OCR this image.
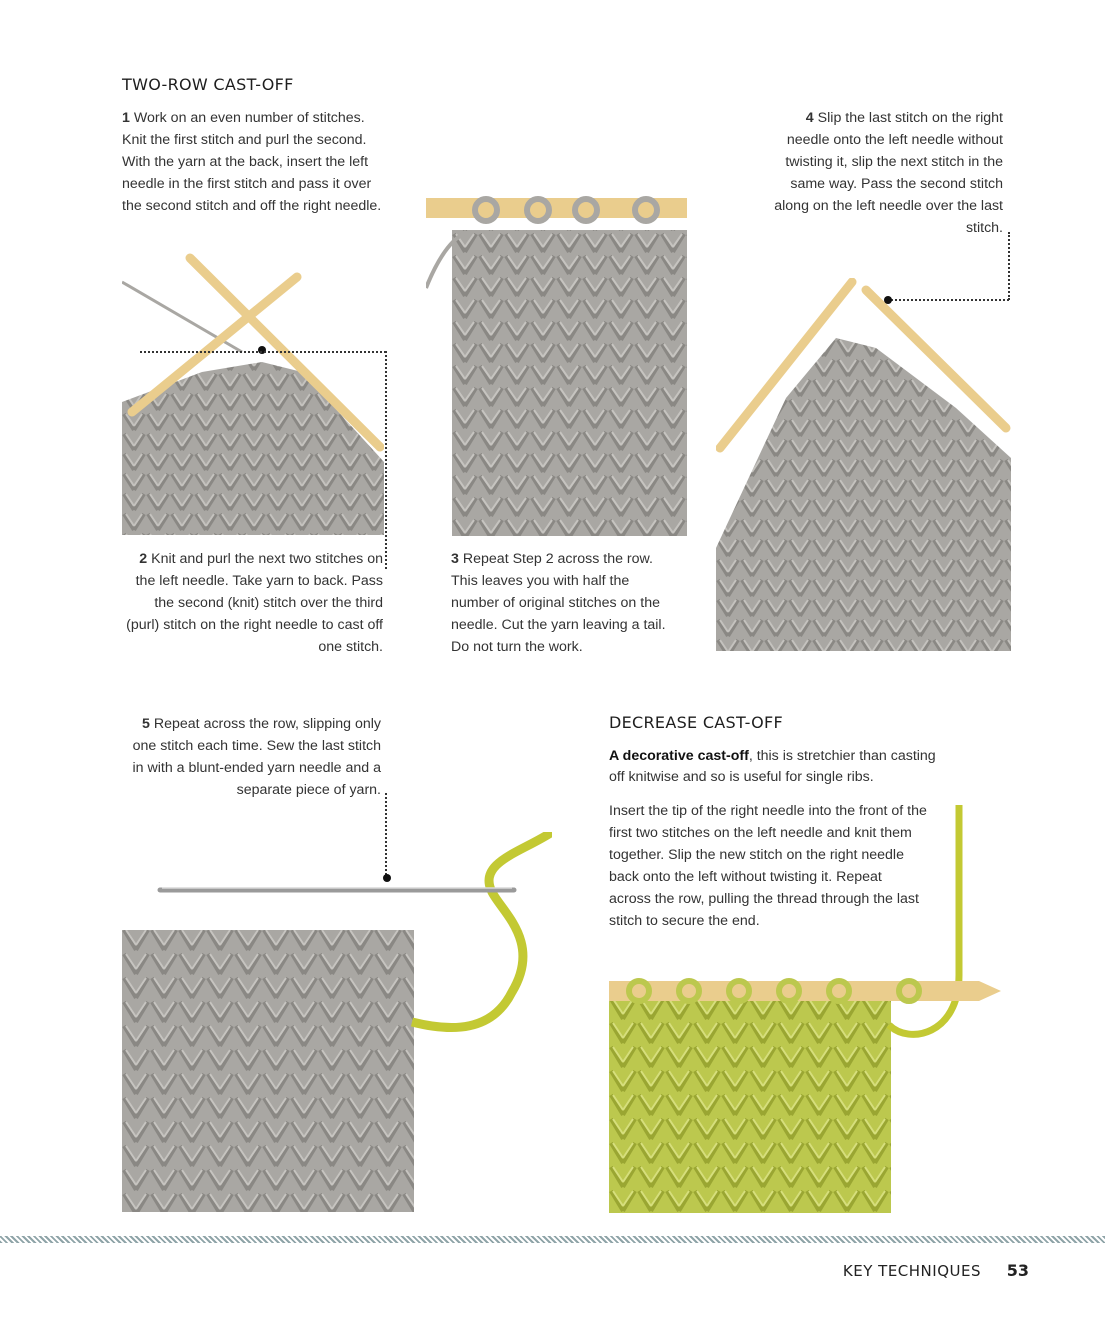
TWO-ROW CAST-OFF

1 Work on an even number of stitches. Knit the first stitch and purl the second. With the yarn at the back, insert the left needle in the first stitch and pass it over the second stitch and off the right needle.

2 Knit and purl the next two stitches on the left needle. Take yarn to back. Pass the second (knit) stitch over the third (purl) stitch on the right needle to cast off one stitch.

3 Repeat Step 2 across the row. This leaves you with half the number of original stitches on the needle. Cut the yarn leaving a tail. Do not turn the work.

4 Slip the last stitch on the right needle onto the left needle without twisting it, slip the next stitch in the same way. Pass the second stitch along on the left needle over the last stitch.

5 Repeat across the row, slipping only one stitch each time. Sew the last stitch in with a blunt-ended yarn needle and a separate piece of yarn.

DECREASE CAST-OFF

A decorative cast-off, this is stretchier than casting off knitwise and so is useful for single ribs.

Insert the tip of the right needle into the front of the first two stitches on the left needle and knit them together. Slip the new stitch on the right needle back onto the left without twisting it. Repeat across the row, pulling the thread through the last stitch to secure the end.

KEY TECHNIQUES 53
